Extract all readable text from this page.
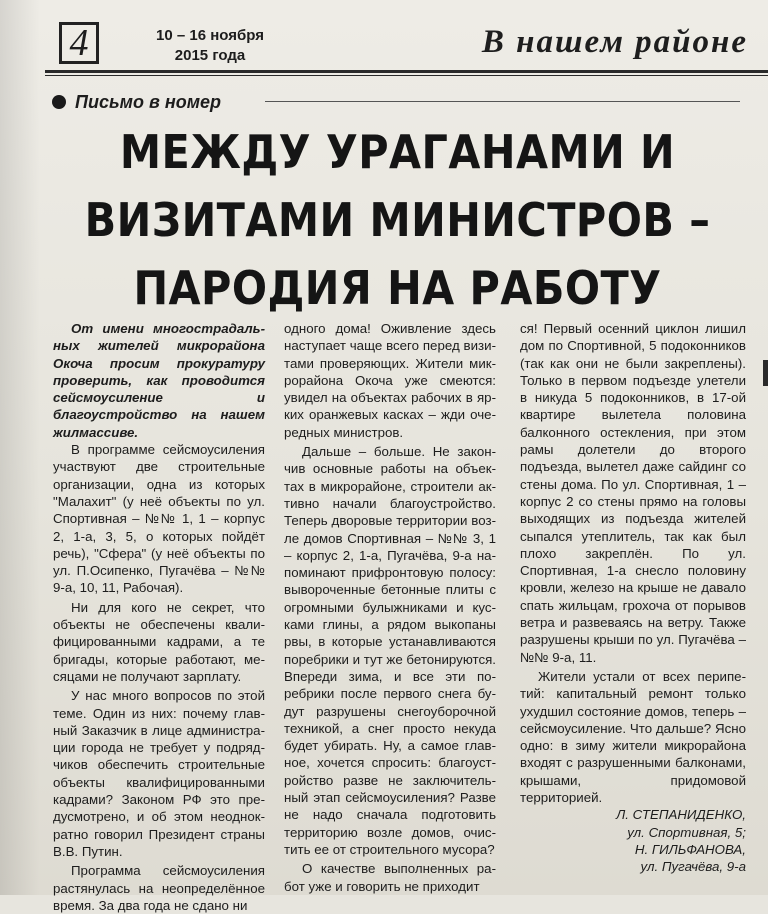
4	10 – 16 ноября
2015 года	В нашем районе
Письмо в номер
МЕЖДУ УРАГАНАМИ И ВИЗИТАМИ МИНИСТРОВ – ПАРОДИЯ НА РАБОТУ

От имени многострадальных жителей микрорайона Окоча просим прокуратуру проверить, как проводится сейсмоусиление и благоустройство на нашем жилмассиве.

В программе сейсмоусиления участвуют две строительные организации, одна из которых "Малахит" (у неё объекты по ул. Спортивная – №№ 1, 1 – корпус 2, 1-а, 3, 5, о которых пойдёт речь), "Сфера" (у неё объекты по ул. П.Осипенко, Пугачёва – №№ 9-а, 10, 11, Рабочая).

Ни для кого не секрет, что объекты не обеспечены квалифицированными кадрами, а те бригады, которые работают, месяцами не получают зарплату.

У нас много вопросов по этой теме. Один из них: почему главный Заказчик в лице администрации города не требует у подрядчиков обеспечить строительные объекты квалифицированными кадрами? Законом РФ это предусмотрено, и об этом неоднократно говорил Президент страны В.В. Путин.

Программа сейсмоусиления растянулась на неопределённое время. За два года не сдано ни

одного дома! Оживление здесь наступает чаще всего перед визитами проверяющих. Жители микрорайона Окоча уже смеются: увидел на объектах рабочих в ярких оранжевых касках – жди очередных министров.

Дальше – больше. Не закончив основные работы на объектах в микрорайоне, строители активно начали благоустройство. Теперь дворовые территории возле домов Спортивная – №№ 3, 1 – корпус 2, 1-а, Пугачёва, 9-а напоминают прифронтовую полосу: вывороченные бетонные плиты с огромными булыжниками и кусками глины, а рядом выкопаны рвы, в которые устанавливаются поребрики и тут же бетонируются. Впереди зима, и все эти поребрики после первого снега будут разрушены снегоуборочной техникой, а снег просто некуда будет убирать. Ну, а самое главное, хочется спросить: благоустройство разве не заключительный этап сейсмоусиления? Разве не надо сначала подготовить территорию возле домов, очистить ее от строительного мусора?

О качестве выполненных работ уже и говорить не приходит

ся! Первый осенний циклон лишил дом по Спортивной, 5 подоконников (так как они не были закреплены). Только в первом подъезде улетели в никуда 5 подоконников, в 17-ой квартире вылетела половина балконного остекления, при этом рамы долетели до второго подъезда, вылетел даже сайдинг со стены дома. По ул. Спортивная, 1 – корпус 2 со стены прямо на головы выходящих из подъезда жителей сыпался утеплитель, так как был плохо закреплён. По ул. Спортивная, 1-а снесло половину кровли, железо на крыше не давало спать жильцам, грохоча от порывов ветра и развеваясь на ветру. Также разрушены крыши по ул. Пугачёва – №№ 9-а, 11.

Жители устали от всех перипетий: капитальный ремонт только ухудшил состояние домов, теперь – сейсмоусиление. Что дальше? Ясно одно: в зиму жители микрорайона входят с разрушенными балконами, крышами, придомовой территорией.

Л. СТЕПАНИДЕНКО,
ул. Спортивная, 5;
Н. ГИЛЬФАНОВА,
ул. Пугачёва, 9-а
